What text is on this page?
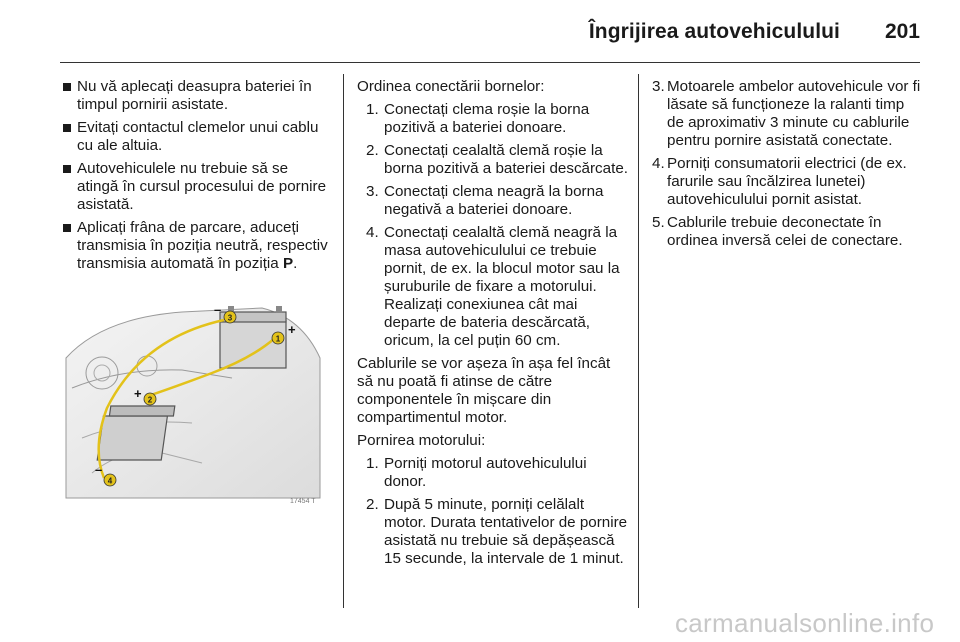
Îngrijirea autovehiculului 201
Nu vă aplecați deasupra bateriei în timpul pornirii asistate.
Evitați contactul clemelor unui cablu cu ale altuia.
Autovehiculele nu trebuie să se atingă în cursul procesului de pornire asistată.
Aplicați frâna de parcare, aduceți transmisia în poziția neutră, respectiv transmisia automată în poziția P.
1
2
3
4
+
+
–
–
17454 T

Ordinea conectării bornelor:

1. Conectați clema roșie la borna pozitivă a bateriei donoare.
2. Conectați cealaltă clemă roșie la borna pozitivă a bateriei descărcate.
3. Conectați clema neagră la borna negativă a bateriei donoare.
4. Conectați cealaltă clemă neagră la masa autovehiculului ce trebuie pornit, de ex. la blocul motor sau la șuruburile de fixare a motorului. Realizați conexiunea cât mai departe de bateria descărcată, oricum, la cel puțin 60 cm.

Cablurile se vor așeza în așa fel încât să nu poată fi atinse de către componentele în mișcare din compartimentul motor.

Pornirea motorului:

1. Porniți motorul autovehiculului donor.
2. După 5 minute, porniți celălalt motor. Durata tentativelor de pornire asistată nu trebuie să depășească 15 secunde, la intervale de 1 minut.
3. Motoarele ambelor autovehicule vor fi lăsate să funcționeze la ralanti timp de aproximativ 3 minute cu cablurile pentru pornire asistată conectate.
4. Porniți consumatorii electrici (de ex. farurile sau încălzirea lunetei) autovehiculului pornit asistat.
5. Cablurile trebuie deconectate în ordinea inversă celei de conectare.
carmanualsonline.info
